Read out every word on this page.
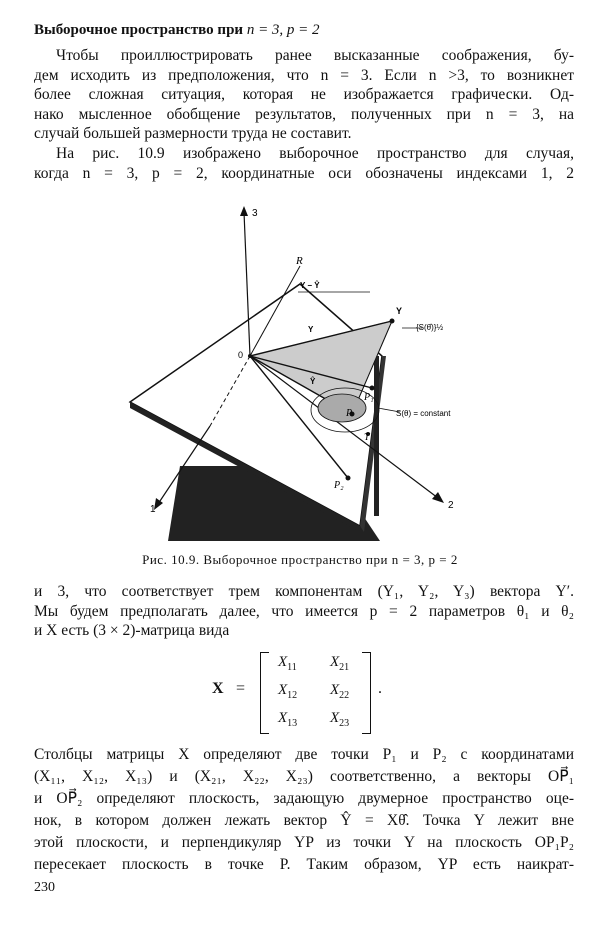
Выборочное пространство при n = 3, p = 2
Чтобы проиллюстрировать ранее высказанные соображения, бу-
дем исходить из предположения, что n = 3. Если n >3, то возникнет
более сложная ситуация, которая не изображается графически. Од-
нако мысленное обобщение результатов, полученных при n = 3, на
случай большей размерности труда не составит.
На рис. 10.9 изображено выборочное пространство для случая,
когда n = 3, p = 2, координатные оси обозначены индексами 1, 2
3
1	2
R
0
Y
P₁
P
P₂
T
Y − Ŷ
Y
Ŷ
{S(θ̂)}½
S(θ) = constant
Рис. 10.9. Выборочное пространство при n = 3, p = 2
и 3, что соответствует трем компонентам (Y₁, Y₂, Y₃) вектора Y′.
Мы будем предполагать далее, что имеется p = 2 параметров θ₁ и θ₂
и X есть (3 × 2)-матрица вида
X =
$X_{11}$ $X_{21}$
$X_{12}$ $X_{22}$
$X_{13}$ $X_{23}$
.
Столбцы матрицы X определяют две точки P₁ и P₂ с координатами
(X₁₁, X₁₂, X₁₃) и (X₂₁, X₂₂, X₂₃) соответственно, а векторы OP⃗₁
и OP⃗₂ определяют плоскость, задающую двумерное пространство оце-
нок, в котором должен лежать вектор Ŷ = Xθ̂. Точка Y лежит вне
этой плоскости, и перпендикуляр YP из точки Y на плоскость OP₁P₂
пересекает плоскость в точке P. Таким образом, YP есть наикрат-
230
